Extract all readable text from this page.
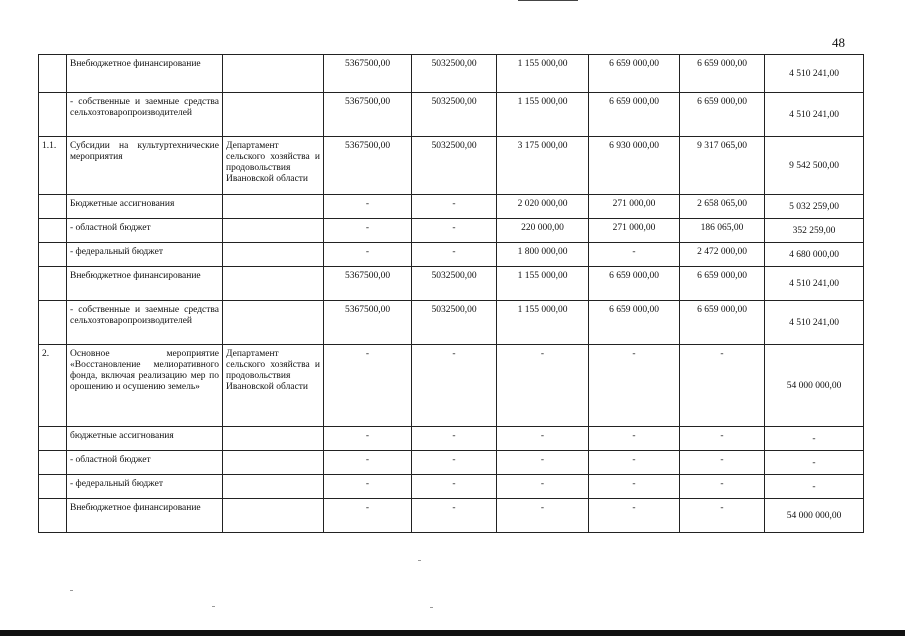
48
	Внебюджетное финансирование		5367500,00	5032500,00	1 155 000,00	6 659 000,00	6 659 000,00	4 510 241,00
	- собственные и заемные средства сельхозтоваропроизводителей		5367500,00	5032500,00	1 155 000,00	6 659 000,00	6 659 000,00	4 510 241,00
1.1.	Субсидии на культуртехнические мероприятия	Департамент сельского хозяйства и продовольствия Ивановской области	5367500,00	5032500,00	3 175 000,00	6 930 000,00	9 317 065,00	9 542 500,00
	Бюджетные ассигнования		-	-	2 020 000,00	271 000,00	2 658 065,00	5 032 259,00
	- областной бюджет		-	-	220 000,00	271 000,00	186 065,00	352 259,00
	- федеральный бюджет		-	-	1 800 000,00	-	2 472 000,00	4 680 000,00
	Внебюджетное финансирование		5367500,00	5032500,00	1 155 000,00	6 659 000,00	6 659 000,00	4 510 241,00
	- собственные и заемные средства сельхозтоваропроизводителей		5367500,00	5032500,00	1 155 000,00	6 659 000,00	6 659 000,00	4 510 241,00
2.	Основное мероприятие «Восстановление мелиоративного фонда, включая реализацию мер по орошению и осушению земель»	Департамент сельского хозяйства и продовольствия Ивановской области	-	-	-	-	-	54 000 000,00
	бюджетные ассигнования		-	-	-	-	-	-
	- областной бюджет		-	-	-	-	-	-
	- федеральный бюджет		-	-	-	-	-	-
	Внебюджетное финансирование		-	-	-	-	-	54 000 000,00
